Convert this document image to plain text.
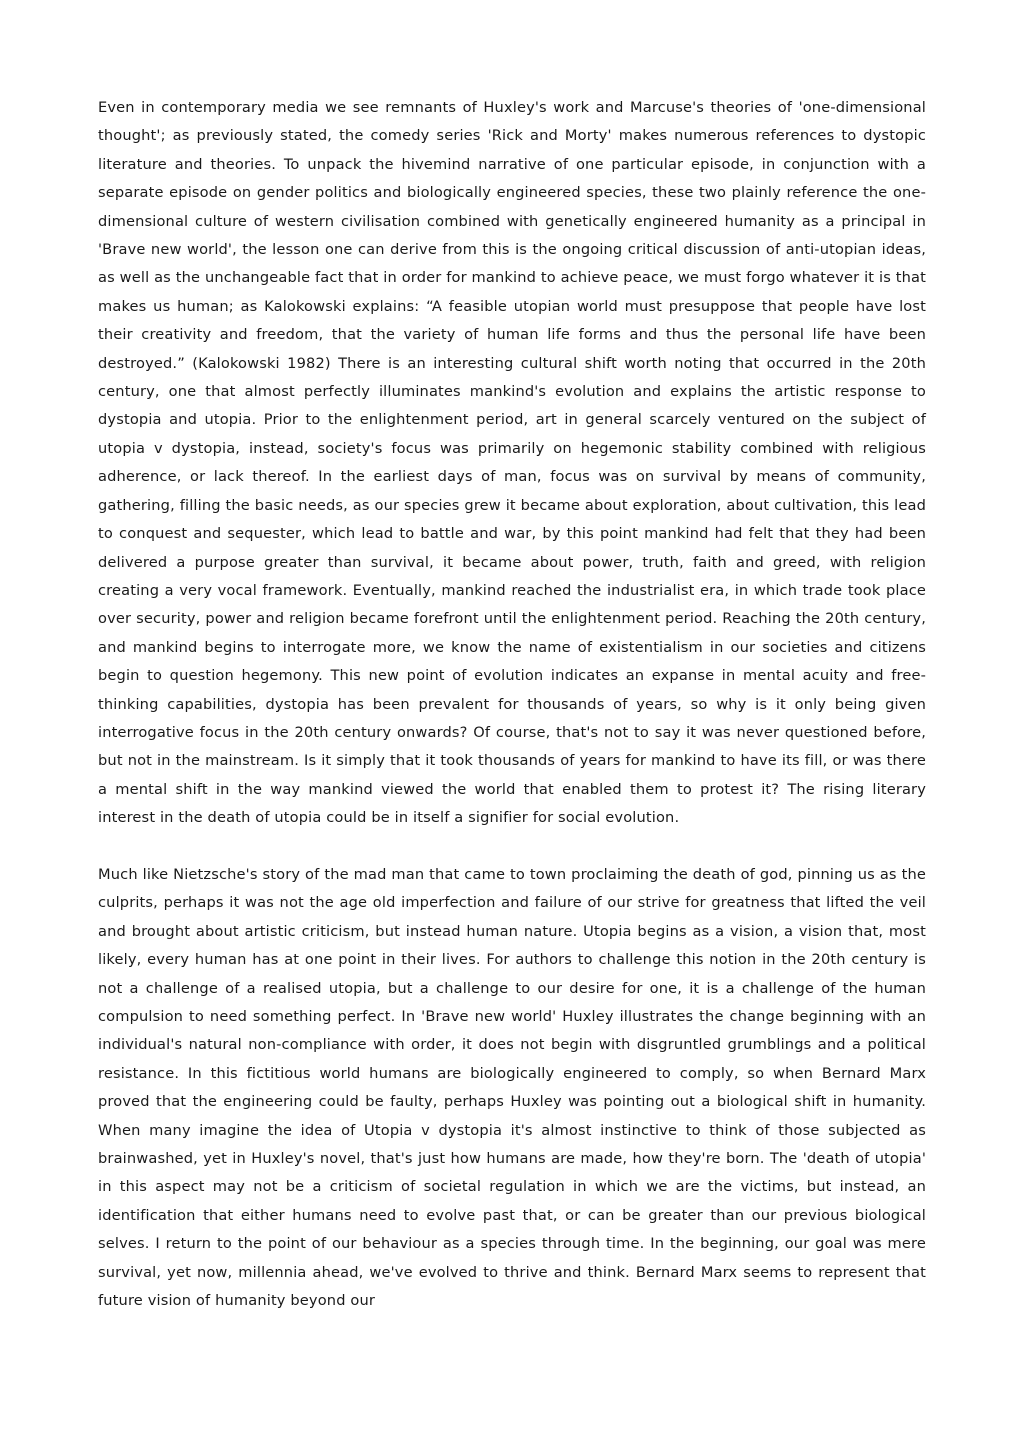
Even in contemporary media we see remnants of Huxley's work and Marcuse's theories of 'one-dimensional thought'; as previously stated, the comedy series 'Rick and Morty' makes numerous references to dystopic literature and theories. To unpack the hivemind narrative of one particular episode, in conjunction with a separate episode on gender politics and biologically engineered species, these two plainly reference the one-dimensional culture of western civilisation combined with genetically engineered humanity as a principal in 'Brave new world', the lesson one can derive from this is the ongoing critical discussion of anti-utopian ideas, as well as the unchangeable fact that in order for mankind to achieve peace, we must forgo whatever it is that makes us human; as Kalokowski explains: “A feasible utopian world must presuppose that people have lost their creativity and freedom, that the variety of human life forms and thus the personal life have been destroyed.” (Kalokowski 1982) There is an interesting cultural shift worth noting that occurred in the 20th century, one that almost perfectly illuminates mankind's evolution and explains the artistic response to dystopia and utopia. Prior to the enlightenment period, art in general scarcely ventured on the subject of utopia v dystopia, instead, society's focus was primarily on hegemonic stability combined with religious adherence, or lack thereof. In the earliest days of man, focus was on survival by means of community, gathering, filling the basic needs, as our species grew it became about exploration, about cultivation, this lead to conquest and sequester, which lead to battle and war, by this point mankind had felt that they had been delivered a purpose greater than survival, it became about power, truth, faith and greed, with religion creating a very vocal framework. Eventually, mankind reached the industrialist era, in which trade took place over security, power and religion became forefront until the enlightenment period. Reaching the 20th century, and mankind begins to interrogate more, we know the name of existentialism in our societies and citizens begin to question hegemony. This new point of evolution indicates an expanse in mental acuity and free-thinking capabilities, dystopia has been prevalent for thousands of years, so why is it only being given interrogative focus in the 20th century onwards? Of course, that's not to say it was never questioned before, but not in the mainstream. Is it simply that it took thousands of years for mankind to have its fill, or was there a mental shift in the way mankind viewed the world that enabled them to protest it? The rising literary interest in the death of utopia could be in itself a signifier for social evolution.

Much like Nietzsche's story of the mad man that came to town proclaiming the death of god, pinning us as the culprits, perhaps it was not the age old imperfection and failure of our strive for greatness that lifted the veil and brought about artistic criticism, but instead human nature. Utopia begins as a vision, a vision that, most likely, every human has at one point in their lives. For authors to challenge this notion in the 20th century is not a challenge of a realised utopia, but a challenge to our desire for one, it is a challenge of the human compulsion to need something perfect. In 'Brave new world' Huxley illustrates the change beginning with an individual's natural non-compliance with order, it does not begin with disgruntled grumblings and a political resistance. In this fictitious world humans are biologically engineered to comply, so when Bernard Marx proved that the engineering could be faulty, perhaps Huxley was pointing out a biological shift in humanity. When many imagine the idea of Utopia v dystopia it's almost instinctive to think of those subjected as brainwashed, yet in Huxley's novel, that's just how humans are made, how they're born. The 'death of utopia' in this aspect may not be a criticism of societal regulation in which we are the victims, but instead, an identification that either humans need to evolve past that, or can be greater than our previous biological selves. I return to the point of our behaviour as a species through time. In the beginning, our goal was mere survival, yet now, millennia ahead, we've evolved to thrive and think. Bernard Marx seems to represent that future vision of humanity beyond our
